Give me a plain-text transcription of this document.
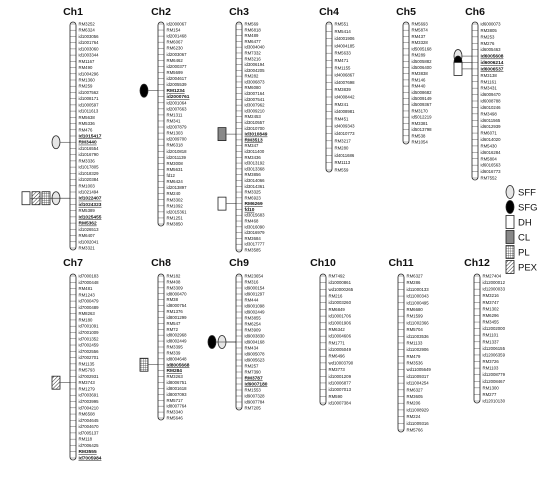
Ch1
RM3252
RM6324
id1003056
id1001764
id1003060
id1003344
RM1167
RM490
id1004296
RM1360
RM259
id1007562
id1008171
id1000597
id1011613
RM5638
RM5336
RM476
id1015417
RM3440
id1016554
id1016790
RM3336
id1017805
id1018329
id1020384
RM1003
id1021494
id1022407
id1024323
RM5389
id1025455
RM5362
id1026513
RM6407
id1002041
RM3321
Ch2
id2000067
RM154
id2001468
RM6067
RM6230
id2003067
RM6462
id2000377
RM5699
id2004617
id2005539
RM1234
id2000761
id2001064
id2007663
RM1311
RM341
id2007879
RM1303
id2009700
RM6318
id2010818
id2011139
RM3008
RM5631
fd12
RM6424
id2013897
RM240
RM3302
RM1092
id2015361
RM1251
RM3850
Ch3
RM569
RM6818
RM489
RM6477
id3004040
RM7332
RM3216
id3006194
id3004205
RM282
id3006873
RM6080
id3007164
id3007541
id3007962
id3009210
RM2453
id3010557
id3010700
id3010849
RM3513
RM347
id3011400
RM3436
id3013192
id3013368
RM3856
id3014066
id3014361
RM3325
RM6923
RM6269
fd10
id3015683
RM468
id3016090
id3016979
RM3684
id3017777
RM3585
Ch4
RM551
RM5414
id4001906
id4004185
RM5633
RM471
RM1155
id4006867
id4007698
RM3839
id4008442
RM241
id4008981
RM451
id4009343
id4010773
RM3217
RM280
id4011686
RM1113
RM559
Ch5
RM5693
RM5874
RM437
RM3328
id5005168
RM289
id5005882
id5006400
RM3838
RM146
RM440
id5008682
id5009149
id5009367
RM3170
id5012219
RM3381
id5013798
RM538
RM1054
Ch6
id6000073
RM3805
RM253
RM276
id6005463
id6005608
id6006214
id6006537
RM3138
RM1161
RM3431
id6009470
id6008788
id6010246
RM3498
id6011565
id6012939
RM6071
id6014020
RM5430
id6016284
RM5804
id6016563
id6016773
RM7552
Ch7
id7000183
id7000448
RM481
RM1243
id7000479
id7000489
RM8263
RM180
id7001091
id7001009
id7001352
id7002459
id7002556
id7002701
RM1135
RM5793
id7002931
RM3743
RM1279
id7003691
id7003995
id7004210
RM6508
id7004645
id7004670
id7005137
RM118
id7006425
RM3555
id7005984
Ch8
RM182
RM408
RM3309
id8000470
RM38
id8000754
RM1376
id8001299
RM547
RM72
id8002968
id8002449
RM3395
RM339
id8004648
id8005668
RM284
RM3263
id8006751
id8001618
id8007093
RM5717
id8007764
RM3340
RM5646
Ch9
RM23654
RM316
id9000154
id9001297
RM444
id9001098
id9002449
RM3855
RM6254
RM3909
id9003830
id9004168
RM434
id9005078
id9005623
RM257
RM7390
RM3787
id9007180
RM1553
id9007328
id9007784
RM7205
Ch10
RM7492
id10000861
wd10000265
RM216
id10003260
RM6849
id10001706
id10001906
RM6342
id10004606
RM1771
id10005049
RM6496
wd10003790
RM3773
id10001209
id10006877
id10007013
RM590
id10007384
Ch11
RM6327
RM286
id11000133
id11000343
id11000495
RM6680
RM1599
id11002366
RM5704
id11003536
RM1133
id11002906
RM479
RM3536
wd11005649
id11009317
id11004254
RM6327
RM3605
RM206
id11008929
RM224
id11009316
RM5766
Ch12
RM27404
id12000012
id12000033
RM3216
RM3747
RM1302
RM6296
RM3455
id12002000
RM1101
RM1337
id12006155
id12006359
RM3726
RM1103
id12008779
id12008467
RM1300
RM277
id12010130
SFF
SFG
DH
CL
PL
PEX
